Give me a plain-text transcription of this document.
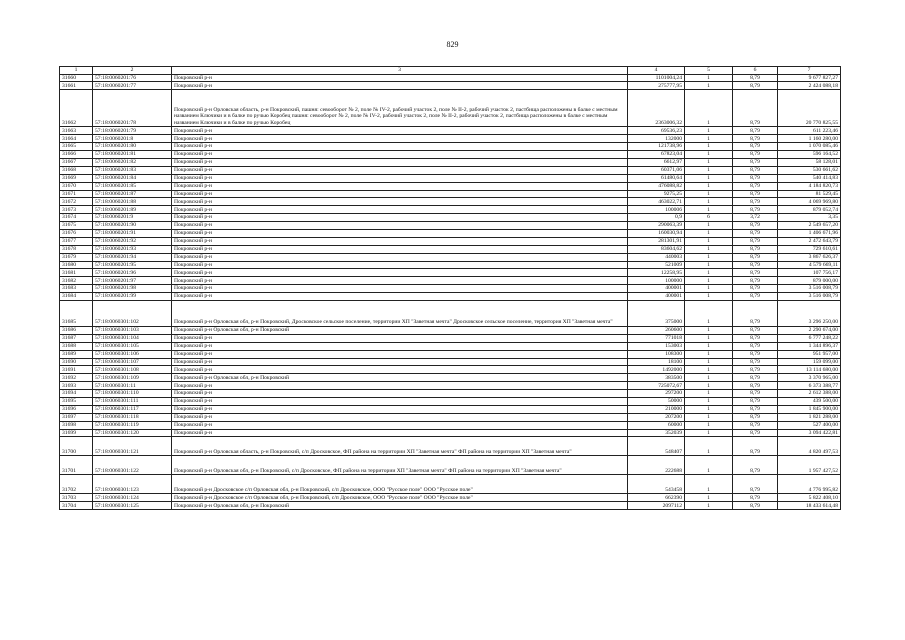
829
1	2	3	4	5	6	7
31660	57:18:0060201:76	Покровский р-н	1101004,24	1	8,79	9 677 827,27
31661	57:18:0060201:77	Покровский р-н	275777,95	1	8,79	2 424 088,18
31662	57:18:0060201:78	Покровский р-н Орловская область, р-н Покровский, пашня: севооборот № 2, поле № IV-2, рабочий участок 2, поле № II-2, рабочий участок 2, пастбища расположены в балке с местным названием Ключики и в балке по ручью Коробец пашня: севооборот № 2, поле № IV-2, рабочий участок 2, поле № II-2, рабочий участок 2, пастбища расположены в балке с местным названием Ключики и в балке по ручью Коробец	2363006,32	1	8,79	20 770 825,55
31663	57:18:0060201:79	Покровский р-н	69536,23	1	8,79	611 223,46
31664	57:18:0060201:8	Покровский р-н	132000	1	8,79	1 160 280,00
31665	57:18:0060201:80	Покровский р-н	121738,96	1	8,79	1 070 085,46
31666	57:18:0060201:81	Покровский р-н	67823,04	1	8,79	596 164,52
31667	57:18:0060201:82	Покровский р-н	6612,97	1	8,79	58 128,01
31668	57:18:0060201:83	Покровский р-н	60371,06	1	8,79	530 661,62
31669	57:18:0060201:84	Покровский р-н	61480,64	1	8,79	540 414,83
31670	57:18:0060201:85	Покровский р-н	476088,82	1	8,79	4 184 820,73
31671	57:18:0060201:87	Покровский р-н	9275,25	1	8,79	81 529,45
31672	57:18:0060201:88	Покровский р-н	463022,71	1	8,79	4 069 969,80
31673	57:18:0060201:89	Покровский р-н	100006	1	8,79	879 052,74
31674	57:18:0060201:9	Покровский р-н	0,9	6	3,72	3,35
31675	57:18:0060201:90	Покровский р-н	290063,39	1	8,79	2 549 657,20
31676	57:18:0060201:91	Покровский р-н	160030,94	1	8,79	1 406 671,96
31677	57:18:0060201:92	Покровский р-н	281301,91	1	8,79	2 472 643,79
31678	57:18:0060201:93	Покровский р-н	83604,62	1	8,79	729 610,61
31679	57:18:0060201:94	Покровский р-н	440003	1	8,79	3 867 626,37
31680	57:18:0060201:95	Покровский р-н	521009	1	8,79	4 579 669,11
31681	57:18:0060201:96	Покровский р-н	12258,95	1	8,79	107 756,17
31682	57:18:0060201:97	Покровский р-н	100000	1	8,79	879 000,00
31683	57:18:0060201:98	Покровский р-н	400001	1	8,79	3 516 008,79
31684	57:18:0060201:99	Покровский р-н	400001	1	8,79	3 516 008,79
31685	57:18:0060301:102	Покровский р-н Орловская обл, р-н Покровский, Дросковское сельское поселение, территории ХП "Заветная мечта" Дросковское сельское поселение, территория ХП "Заветная мечта"	375000	1	8,79	3 296 250,00
31686	57:18:0060301:103	Покровский р-н Орловская обл, р-н Покровский	260600	1	8,79	2 290 674,00
31687	57:18:0060301:104	Покровский р-н	771018	1	8,79	6 777 248,22
31688	57:18:0060301:105	Покровский р-н	153003	1	8,79	1 344 896,37
31689	57:18:0060301:106	Покровский р-н	108300	1	8,79	951 957,00
31690	57:18:0060301:107	Покровский р-н	18100	1	8,79	159 099,00
31691	57:18:0060301:108	Покровский р-н	1492000	1	8,79	13 114 680,00
31692	57:18:0060301:109	Покровский р-н Орловская обл, р-н Покровский	383500	1	8,79	3 370 965,00
31693	57:18:0060301:11	Покровский р-н	725072,67	1	8,79	6 373 388,77
31694	57:18:0060301:110	Покровский р-н	297200	1	8,79	2 612 388,00
31695	57:18:0060301:111	Покровский р-н	50000	1	8,79	439 500,00
31696	57:18:0060301:117	Покровский р-н	210000	1	8,79	1 845 900,00
31697	57:18:0060301:118	Покровский р-н	207200	1	8,79	1 821 288,00
31698	57:18:0060301:119	Покровский р-н	60000	1	8,79	527 400,00
31699	57:18:0060301:120	Покровский р-н	352039	1	8,79	3 094 422,81
31700	57:18:0060301:121	Покровский р-н Орловская область, р-н Покровский, с/п Дросковское, ФП района на территории ХП "Заветная мечта" ФП района на территории ХП "Заветная мечта"	548407	1	8,79	4 820 497,53
31701	57:18:0060301:122	Покровский р-н Орловская обл, р-н Покровский, с/п Дросковское, ФП района на территории ХП "Заветная мечта" ФП района на территории ХП "Заветная мечта"	222688	1	8,79	1 957 427,52
31702	57:18:0060301:123	Покровский р-н Дросковское с/п Орловская обл, р-н Покровский, с/п Дросковское, ООО "Русское поле" ООО "Русское поле"	543458	1	8,79	4 776 995,82
31703	57:18:0060301:124	Покровский р-н Дросковское с/п Орловская обл, р-н Покровский, с/п Дросковское, ООО "Русское поле" ООО "Русское поле"	662390	1	8,79	5 822 408,10
31704	57:18:0060301:125	Покровский р-н Орловская обл, р-н Покровский	2097112	1	8,79	18 433 614,48
